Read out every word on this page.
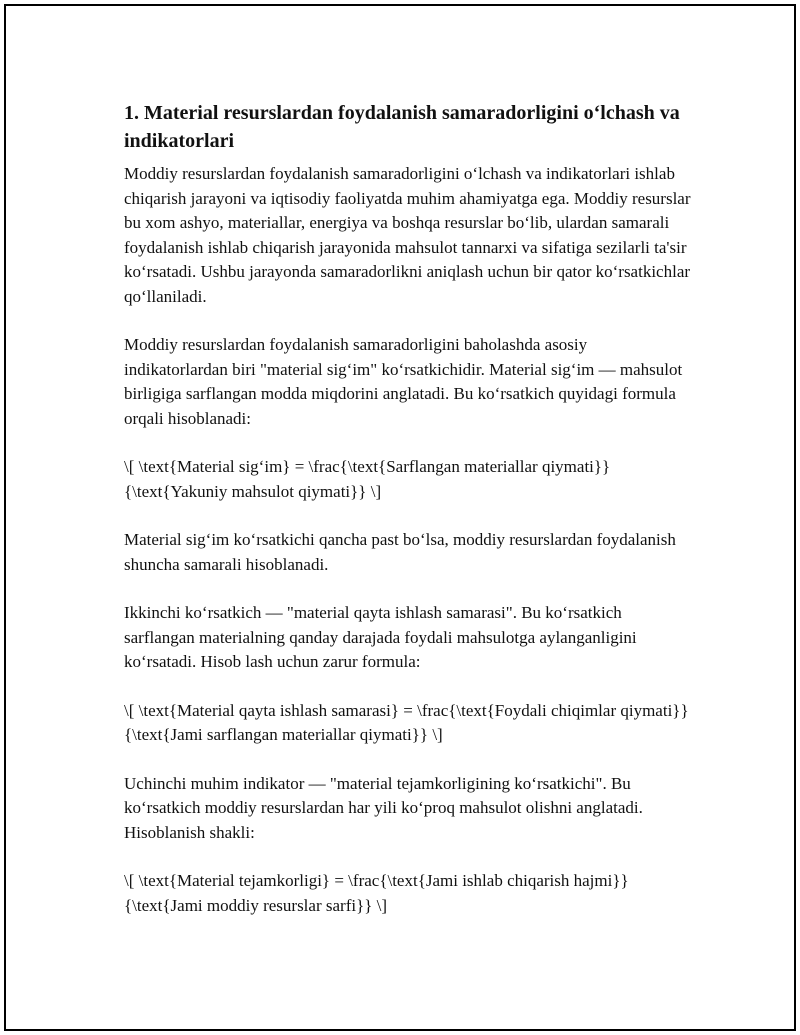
1. Material resurslardan foydalanish samaradorligini o‘lchash va indikatorlari

Moddiy resurslardan foydalanish samaradorligini o‘lchash va indikatorlari ishlab chiqarish jarayoni va iqtisodiy faoliyatda muhim ahamiyatga ega. Moddiy resurslar bu xom ashyo, materiallar, energiya va boshqa resurslar bo‘lib, ulardan samarali foydalanish ishlab chiqarish jarayonida mahsulot tannarxi va sifatiga sezilarli ta'sir ko‘rsatadi. Ushbu jarayonda samaradorlikni aniqlash uchun bir qator ko‘rsatkichlar qo‘llaniladi.

Moddiy resurslardan foydalanish samaradorligini baholashda asosiy indikatorlardan biri "material sig‘im" ko‘rsatkichidir. Material sig‘im — mahsulot birligiga sarflangan modda miqdorini anglatadi. Bu ko‘rsatkich quyidagi formula orqali hisoblanadi:

\[ \text{Material sig‘im} = \frac{\text{Sarflangan materiallar qiymati}}{\text{Yakuniy mahsulot qiymati}} \]

Material sig‘im ko‘rsatkichi qancha past bo‘lsa, moddiy resurslardan foydalanish shuncha samarali hisoblanadi.

Ikkinchi ko‘rsatkich — "material qayta ishlash samarasi". Bu ko‘rsatkich sarflangan materialning qanday darajada foydali mahsulotga aylanganligini ko‘rsatadi. Hisob lash uchun zarur formula:

\[ \text{Material qayta ishlash samarasi} = \frac{\text{Foydali chiqimlar qiymati}}{\text{Jami sarflangan materiallar qiymati}} \]

Uchinchi muhim indikator — "material tejamkorligining ko‘rsatkichi". Bu ko‘rsatkich moddiy resurslardan har yili ko‘proq mahsulot olishni anglatadi. Hisoblanish shakli:

\[ \text{Material tejamkorligi} = \frac{\text{Jami ishlab chiqarish hajmi}}{\text{Jami moddiy resurslar sarfi}} \]
